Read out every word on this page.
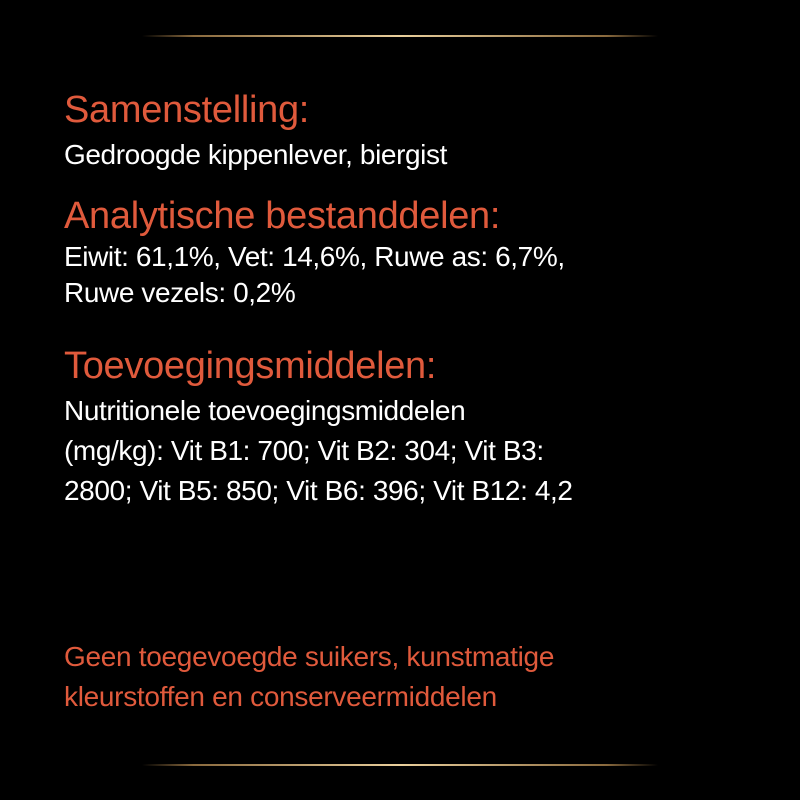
Samenstelling:

Gedroogde kippenlever, biergist

Analytische bestanddelen:

Eiwit: 61,1%, Vet: 14,6%, Ruwe as: 6,7%,

Ruwe vezels: 0,2%

Toevoegingsmiddelen:

Nutritionele toevoegingsmiddelen

(mg/kg): Vit B1: 700; Vit B2: 304; Vit B3:

2800; Vit B5: 850; Vit B6: 396; Vit B12: 4,2

Geen toegevoegde suikers, kunstmatige
kleurstoffen en conserveermiddelen
